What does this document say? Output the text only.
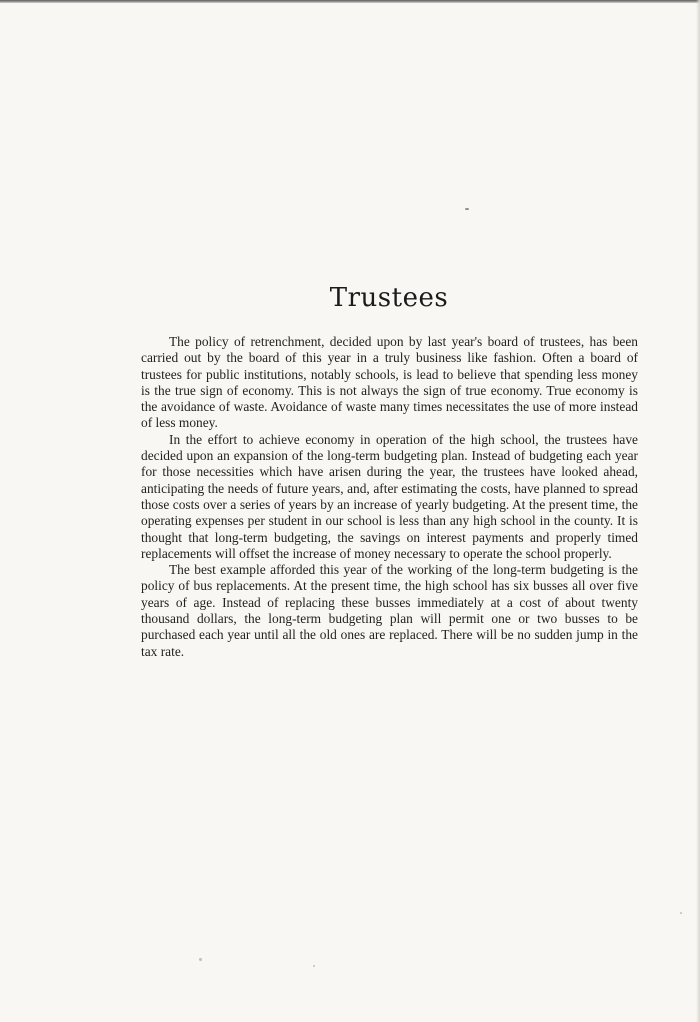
Trustees

The policy of retrenchment, decided upon by last year's board of trustees, has been carried out by the board of this year in a truly business like fashion. Often a board of trustees for public institutions, notably schools, is lead to believe that spending less money is the true sign of economy. This is not always the sign of true economy. True economy is the avoidance of waste. Avoidance of waste many times necessitates the use of more instead of less money.

In the effort to achieve economy in operation of the high school, the trustees have decided upon an expansion of the long-term budgeting plan. Instead of budgeting each year for those necessities which have arisen during the year, the trustees have looked ahead, anticipating the needs of future years, and, after estimating the costs, have planned to spread those costs over a series of years by an increase of yearly budgeting. At the present time, the operating expenses per student in our school is less than any high school in the county. It is thought that long-term budgeting, the savings on interest payments and properly timed replacements will offset the increase of money necessary to operate the school properly.

The best example afforded this year of the working of the long-term budgeting is the policy of bus replacements. At the present time, the high school has six busses all over five years of age. Instead of replacing these busses immediately at a cost of about twenty thousand dollars, the long-term budgeting plan will permit one or two busses to be purchased each year until all the old ones are replaced. There will be no sudden jump in the tax rate.
